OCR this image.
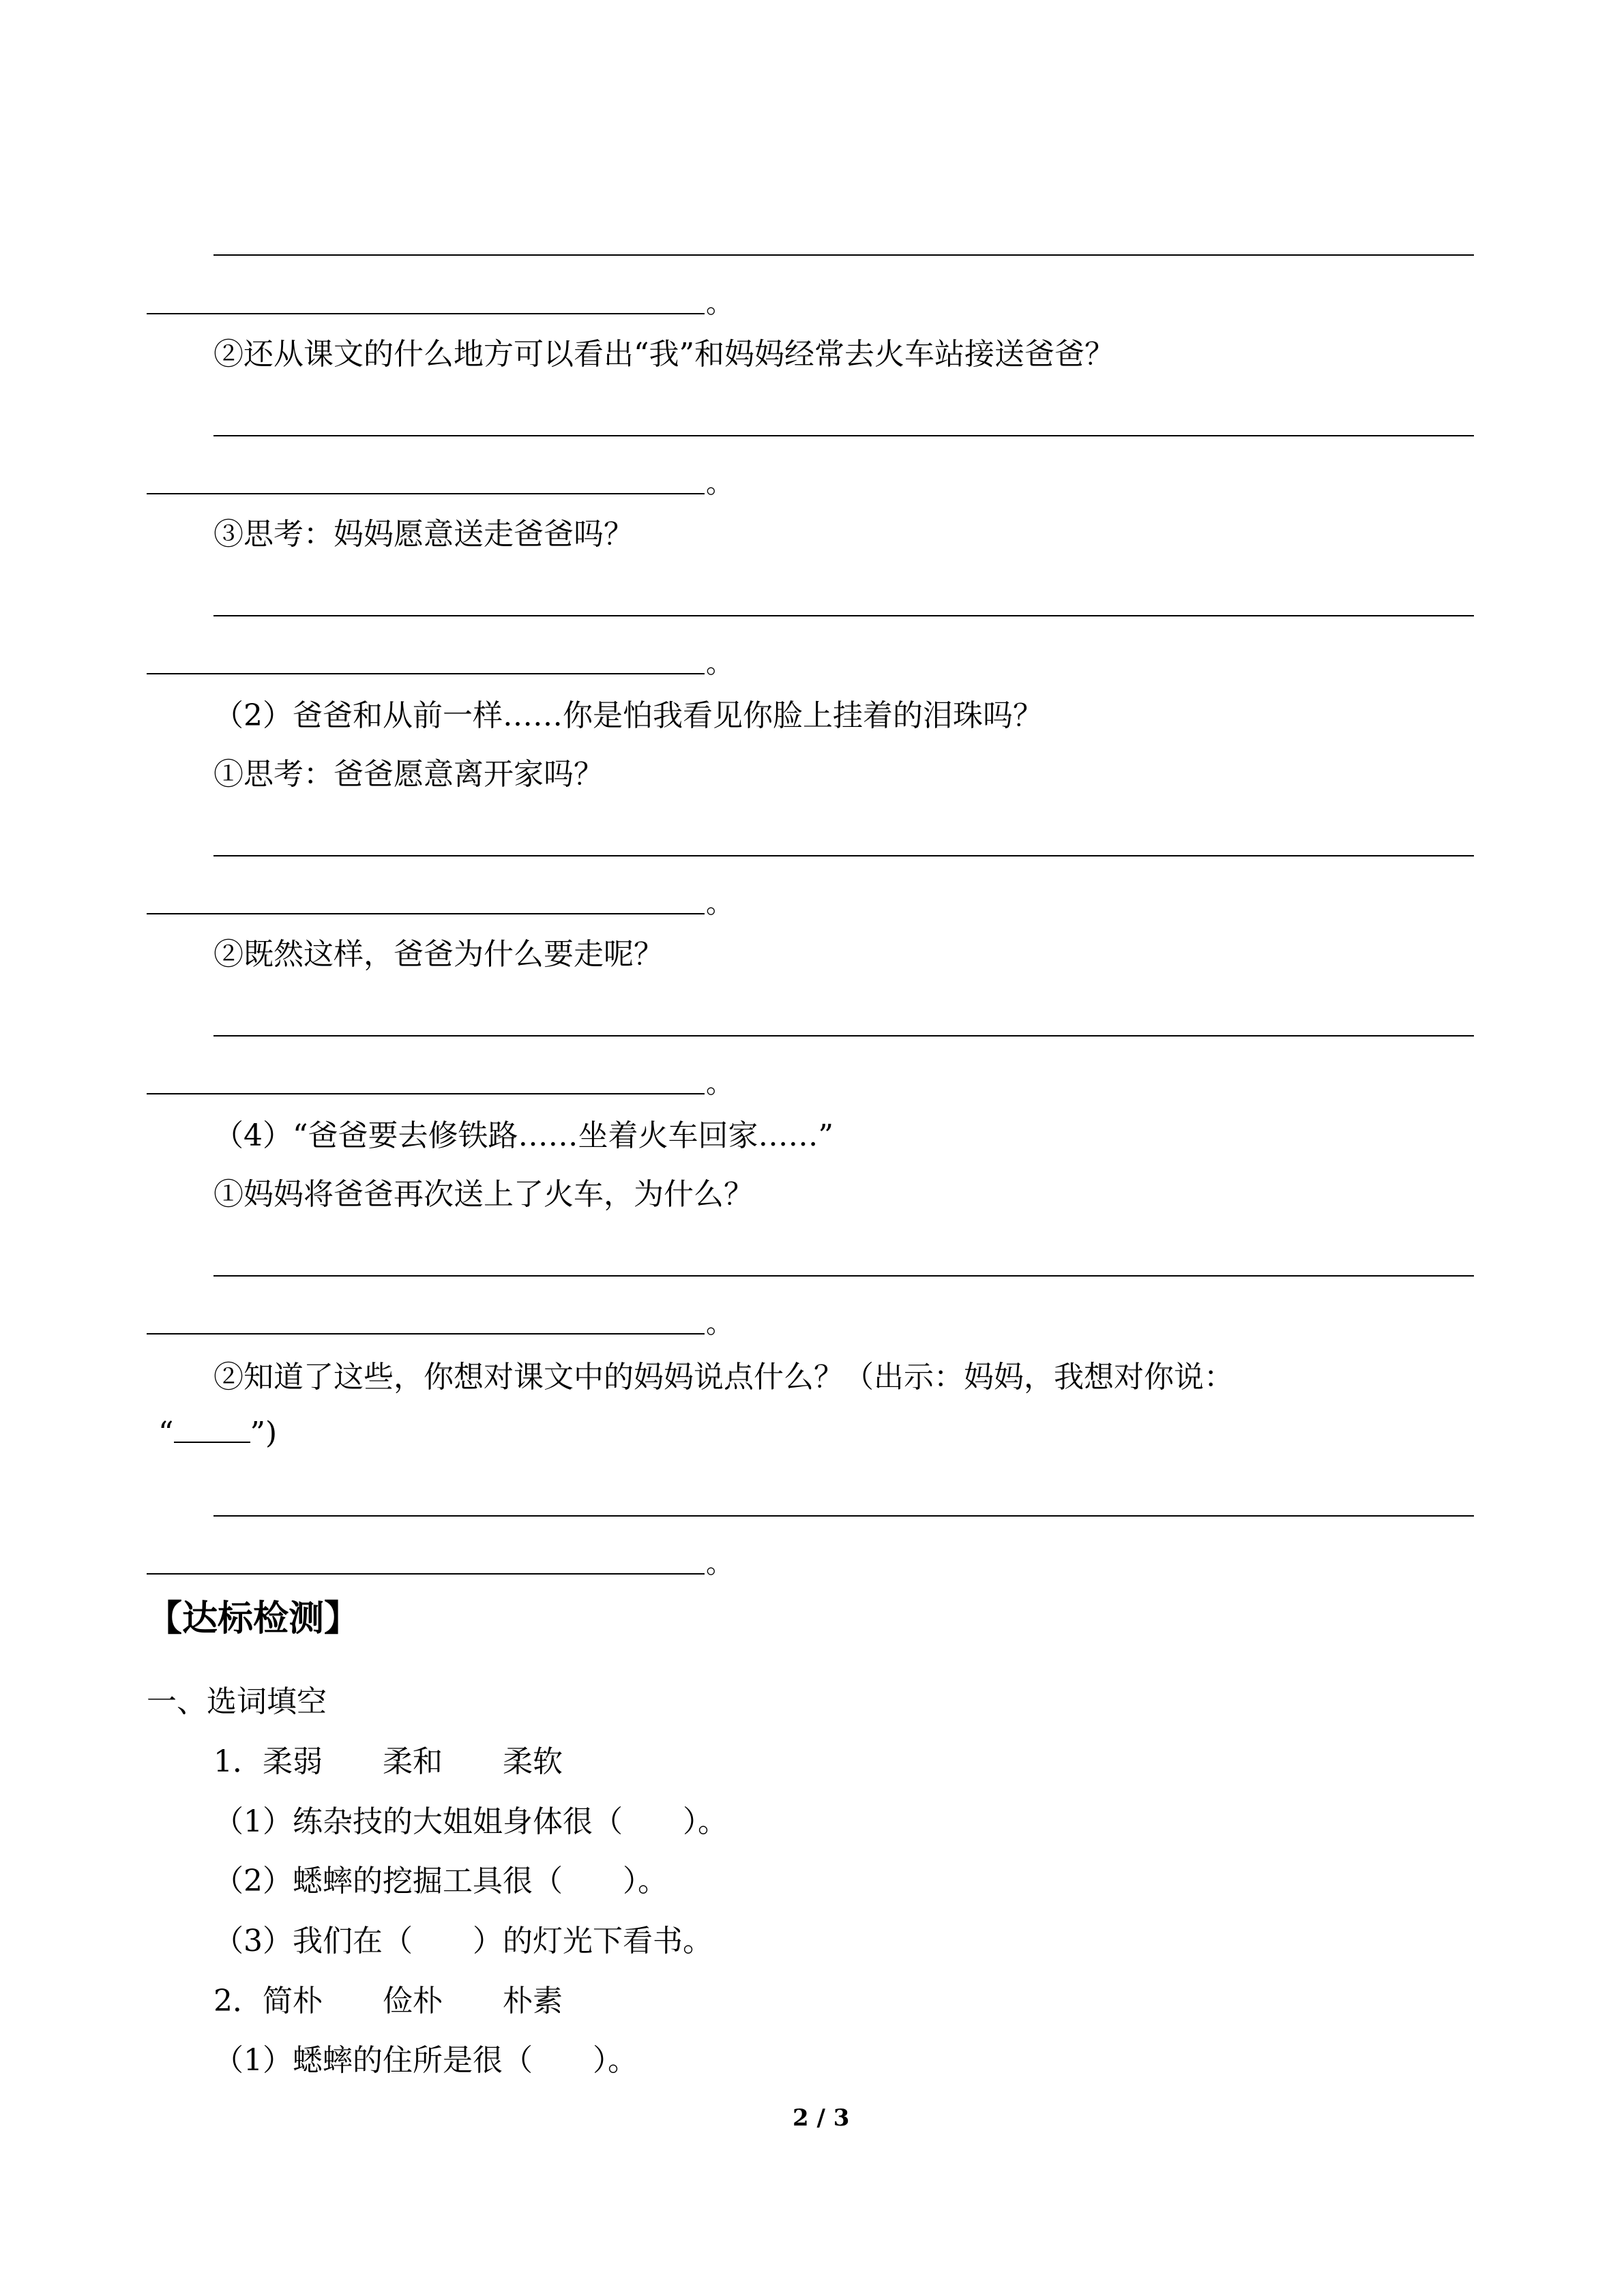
。
②还从课文的什么地方可以看出“我”和妈妈经常去火车站接送爸爸？
。
③思考：妈妈愿意送走爸爸吗？
。
（2）爸爸和从前一样……你是怕我看见你脸上挂着的泪珠吗？
①思考：爸爸愿意离开家吗？
。
②既然这样，爸爸为什么要走呢？
。
（4）“爸爸要去修铁路……坐着火车回家……”
①妈妈将爸爸再次送上了火车，为什么？
。
②知道了这些，你想对课文中的妈妈说点什么？（出示：妈妈，我想对你说：
“	”)
。
【达标检测】
一、选词填空
1．柔弱　　柔和　　柔软
（1）练杂技的大姐姐身体很（　　）。
（2）蟋蟀的挖掘工具很（　　）。
（3）我们在（　　）的灯光下看书。
2．简朴　　俭朴　　朴素
（1）蟋蟀的住所是很（　　）。
2 / 3
